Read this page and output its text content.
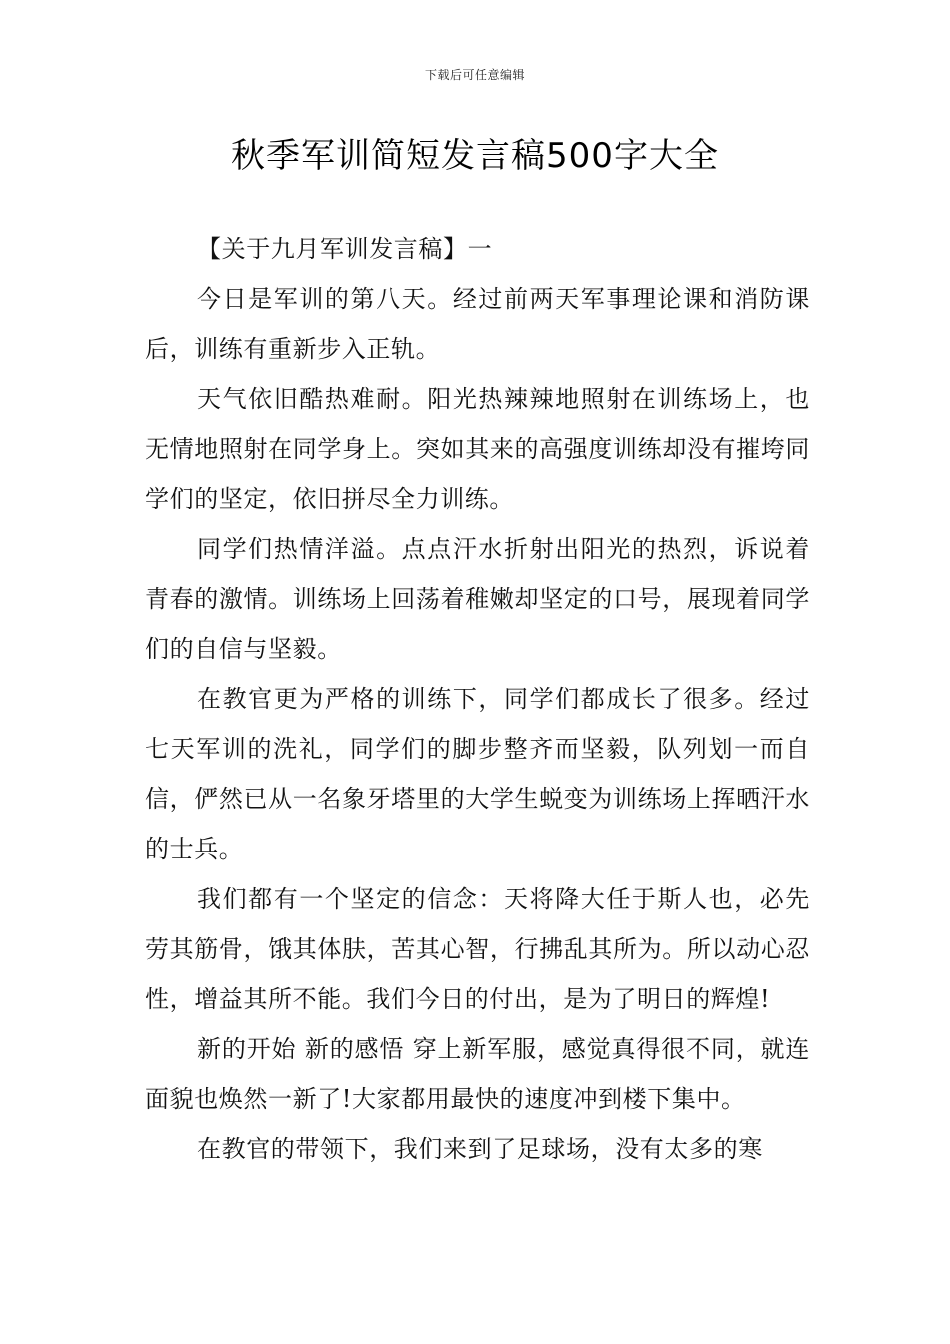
下载后可任意编辑
秋季军训简短发言稿500字大全

【关于九月军训发言稿】一

今日是军训的第八天。经过前两天军事理论课和消防课后，训练有重新步入正轨。

天气依旧酷热难耐。阳光热辣辣地照射在训练场上，也无情地照射在同学身上。突如其来的高强度训练却没有摧垮同学们的坚定，依旧拼尽全力训练。

同学们热情洋溢。点点汗水折射出阳光的热烈，诉说着青春的激情。训练场上回荡着稚嫩却坚定的口号，展现着同学们的自信与坚毅。

在教官更为严格的训练下，同学们都成长了很多。经过七天军训的洗礼，同学们的脚步整齐而坚毅，队列划一而自信，俨然已从一名象牙塔里的大学生蜕变为训练场上挥晒汗水的士兵。

我们都有一个坚定的信念：天将降大任于斯人也，必先劳其筋骨，饿其体肤，苦其心智，行拂乱其所为。所以动心忍性，增益其所不能。我们今日的付出，是为了明日的辉煌!

新的开始 新的感悟 穿上新军服，感觉真得很不同，就连面貌也焕然一新了!大家都用最快的速度冲到楼下集中。

在教官的带领下，我们来到了足球场，没有太多的寒
